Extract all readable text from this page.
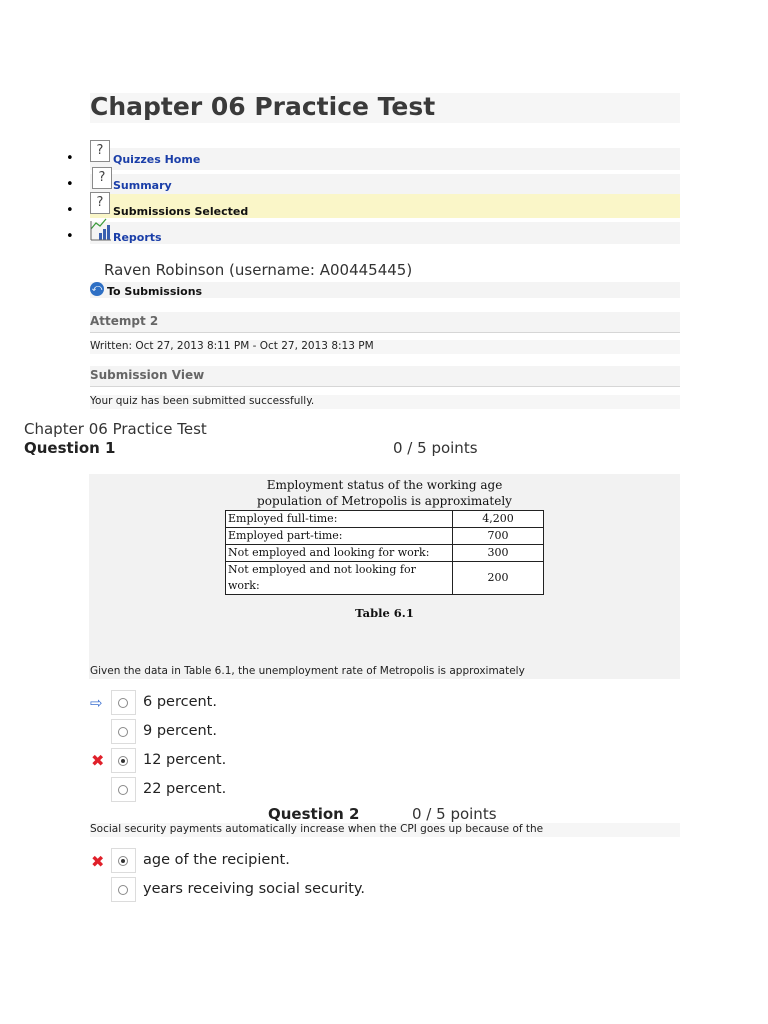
Chapter 06 Practice Test
•
?
Quizzes Home
•	?
Summary
•
?
Submissions Selected
•	Reports
Raven Robinson (username: A00445445)
⤺ To Submissions
Attempt 2
Written: Oct 27, 2013 8:11 PM - Oct 27, 2013 8:13 PM
Submission View
Your quiz has been submitted successfully.
Chapter 06 Practice Test
Question 1	0 / 5 points
Employment status of the working age
population of Metrop​olis is approximately
Employed full-time:	4,200
Employed part-time:	700
Not employed and looking for work:	300
Not employed and not looking for work:	200
Table 6.1
Given the data in Table 6.1, the unemployment rate of Metropolis is approximately
⇨	6 percent.
9 percent.
✖	12 percent.
22 percent.
Question 2	0 / 5 points
Social security payments automatically increase when the CPI goes up because of the
✖	age of the recipient.
years receiving social security.
